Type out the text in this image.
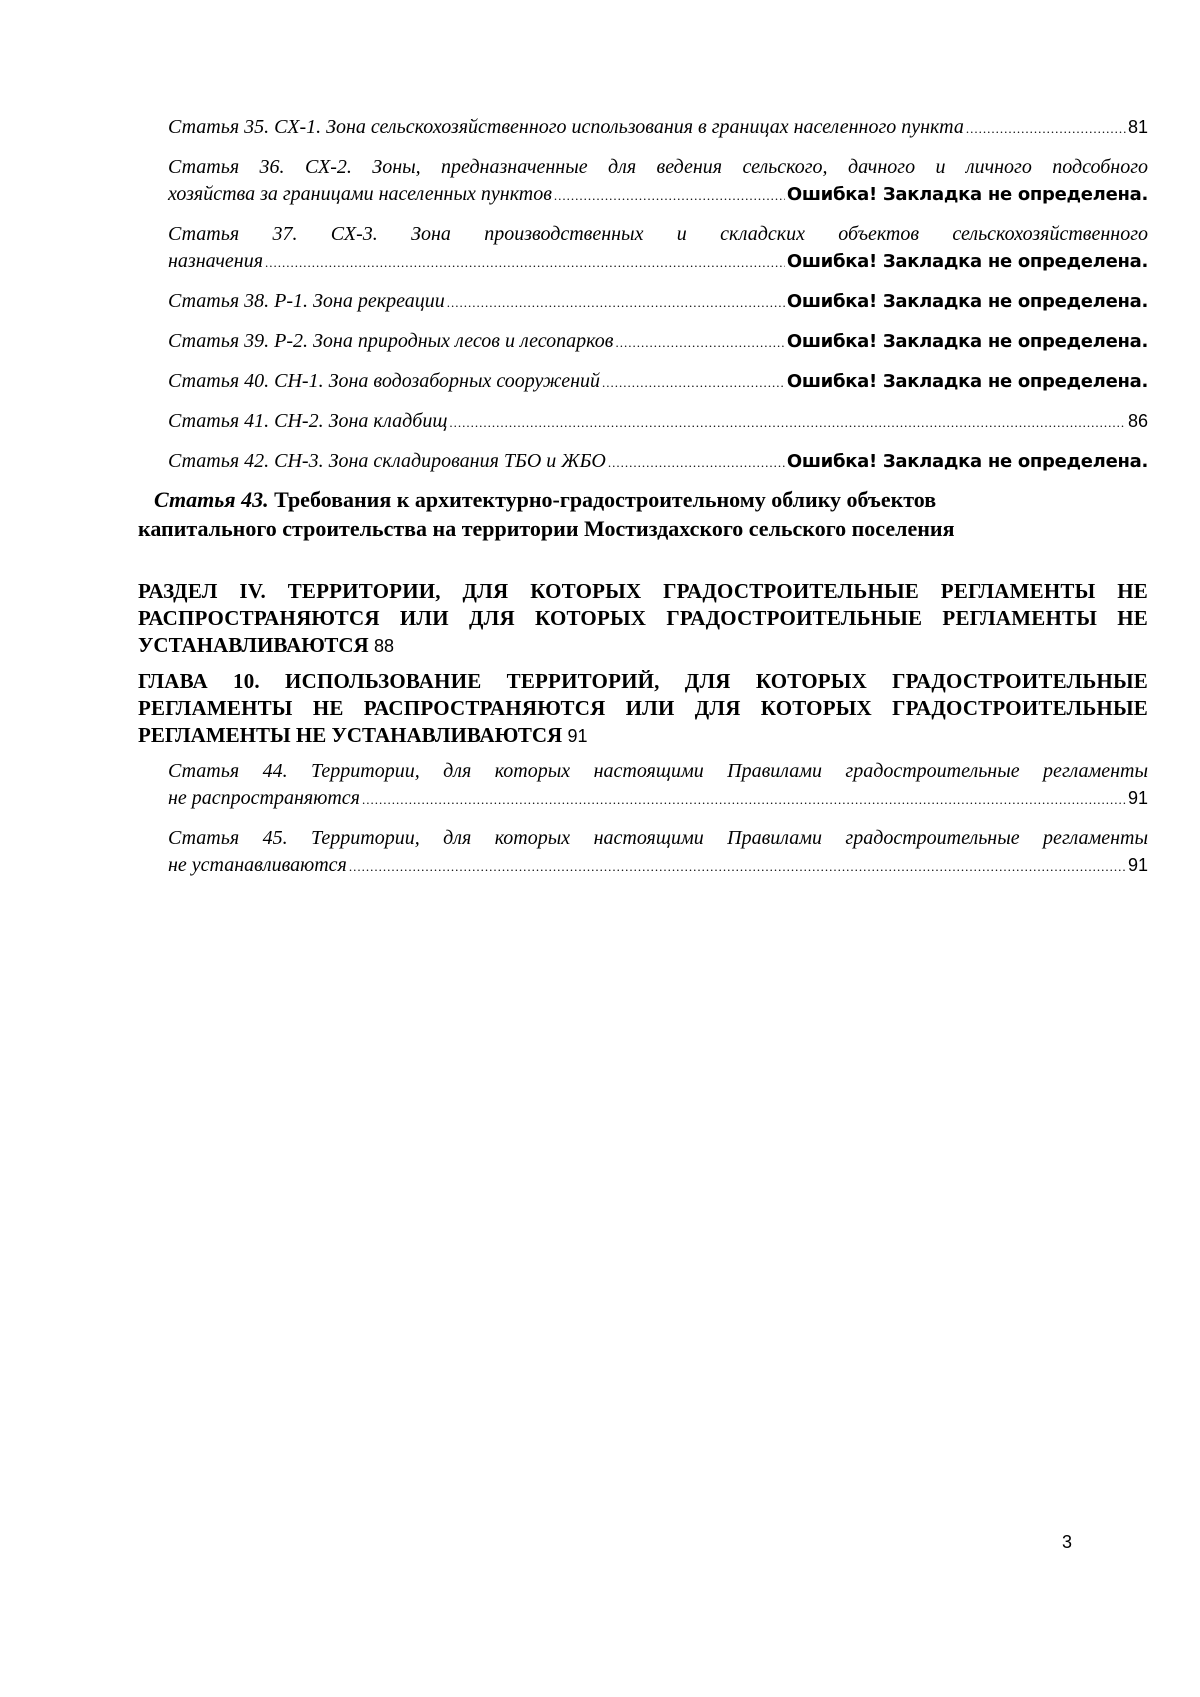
Статья 35. СХ-1. Зона сельскохозяйственного использования в границах населенного пункта .....	81
Статья 36. СХ-2. Зоны, предназначенные для ведения сельского, дачного и личного подсобного
хозяйства за границами населенных пунктов .....	Ошибка! Закладка не определена.
Статья 37. СХ-3. Зона производственных и складских объектов сельскохозяйственного
назначения .....	Ошибка! Закладка не определена.
Статья 38. Р-1. Зона рекреации .....	Ошибка! Закладка не определена.
Статья 39. Р-2. Зона природных лесов и лесопарков .....	Ошибка! Закладка не определена.
Статья 40. СН-1. Зона водозаборных сооружений .....	Ошибка! Закладка не определена.
Статья 41. СН-2. Зона кладбищ .....	86
Статья 42. СН-3. Зона складирования ТБО и ЖБО .....	Ошибка! Закладка не определена.
Статья 43. Требования к архитектурно-градостроительному облику объектов
капитального строительства на территории Мостиздахского сельского поселения
РАЗДЕЛ IV. ТЕРРИТОРИИ, ДЛЯ КОТОРЫХ ГРАДОСТРОИТЕЛЬНЫЕ РЕГЛАМЕНТЫ НЕ
РАСПРОСТРАНЯЮТСЯ ИЛИ ДЛЯ КОТОРЫХ ГРАДОСТРОИТЕЛЬНЫЕ РЕГЛАМЕНТЫ НЕ
УСТАНАВЛИВАЮТСЯ 88
ГЛАВА 10. ИСПОЛЬЗОВАНИЕ ТЕРРИТОРИЙ, ДЛЯ КОТОРЫХ ГРАДОСТРОИТЕЛЬНЫЕ
РЕГЛАМЕНТЫ НЕ РАСПРОСТРАНЯЮТСЯ ИЛИ ДЛЯ КОТОРЫХ ГРАДОСТРОИТЕЛЬНЫЕ
РЕГЛАМЕНТЫ НЕ УСТАНАВЛИВАЮТСЯ 91
Статья 44. Территории, для которых настоящими Правилами градостроительные регламенты
не распространяются .....	91
Статья 45. Территории, для которых настоящими Правилами градостроительные регламенты
не устанавливаются .....	91
3
